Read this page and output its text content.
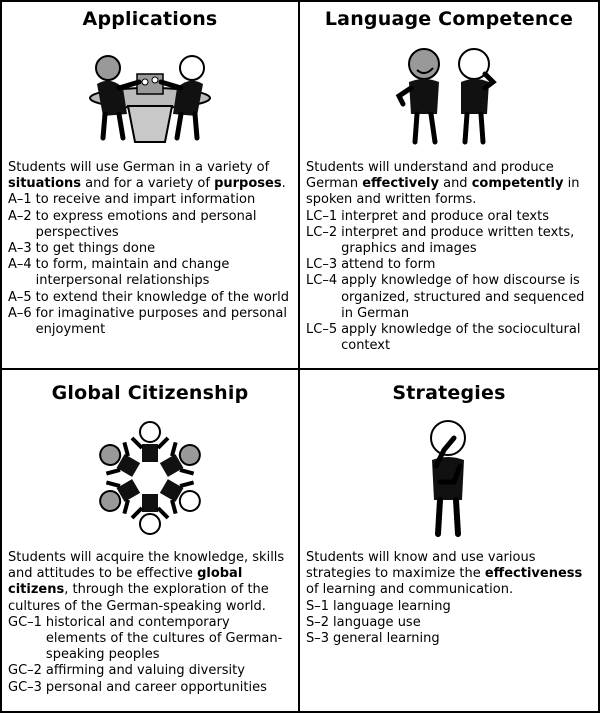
Applications

Students will use German in a variety of situations and for a variety of purposes.

A–1 to receive and impart information
A–2 to express emotions and personal perspectives
A–3 to get things done
A–4 to form, maintain and change interpersonal relationships
A–5 to extend their knowledge of the world
A–6 for imaginative purposes and personal enjoyment
Language Competence

Students will understand and produce German effectively and competently in spoken and written forms.

LC–1 interpret and produce oral texts
LC–2 interpret and produce written texts, graphics and images
LC–3 attend to form
LC–4 apply knowledge of how discourse is organized, structured and sequenced in German
LC–5 apply knowledge of the sociocultural context
Global Citizenship

Students will acquire the knowledge, skills and attitudes to be effective global citizens, through the exploration of the cultures of the German-speaking world.

GC–1 historical and contemporary elements of the cultures of German-speaking peoples
GC–2 affirming and valuing diversity
GC–3 personal and career opportunities
Strategies

Students will know and use various strategies to maximize the effectiveness of learning and communication.

S–1 language learning
S–2 language use
S–3 general learning
